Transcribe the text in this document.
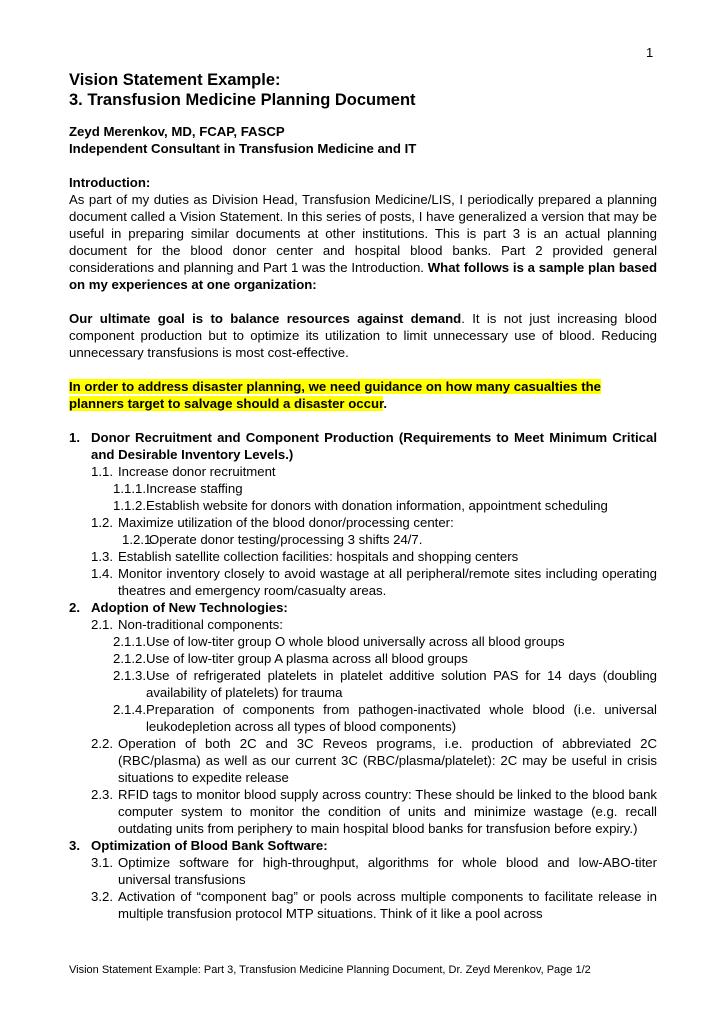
1
Vision Statement Example:
3. Transfusion Medicine Planning Document
Zeyd Merenkov, MD, FCAP, FASCP
Independent Consultant in Transfusion Medicine and IT
Introduction:

As part of my duties as Division Head, Transfusion Medicine/LIS, I periodically prepared a planning document called a Vision Statement. In this series of posts, I have generalized a version that may be useful in preparing similar documents at other institutions. This is part 3 is an actual planning document for the blood donor center and hospital blood banks. Part 2 provided general considerations and planning and Part 1 was the Introduction. What follows is a sample plan based on my experiences at one organization:

Our ultimate goal is to balance resources against demand. It is not just increasing blood component production but to optimize its utilization to limit unnecessary use of blood. Reducing unnecessary transfusions is most cost-effective.

In order to address disaster planning, we need guidance on how many casualties the planners target to salvage should a disaster occur.

1. Donor Recruitment and Component Production (Requirements to Meet Minimum Critical and Desirable Inventory Levels.)
1.1. Increase donor recruitment
1.1.1. Increase staffing
1.1.2. Establish website for donors with donation information, appointment scheduling
1.2. Maximize utilization of the blood donor/processing center:
1.2.1.
Operate donor testing/processing 3 shifts 24/7.
1.3. Establish satellite collection facilities: hospitals and shopping centers
1.4. Monitor inventory closely to avoid wastage at all peripheral/remote sites including operating theatres and emergency room/casualty areas.
2. Adoption of New Technologies:
2.1. Non-traditional components:
2.1.1. Use of low-titer group O whole blood universally across all blood groups
2.1.2. Use of low-titer group A plasma across all blood groups
2.1.3. Use of refrigerated platelets in platelet additive solution PAS for 14 days (doubling availability of platelets) for trauma
2.1.4. Preparation of components from pathogen-inactivated whole blood (i.e. universal leukodepletion across all types of blood components)
2.2. Operation of both 2C and 3C Reveos programs, i.e. production of abbreviated 2C (RBC/plasma) as well as our current 3C (RBC/plasma/platelet): 2C may be useful in crisis situations to expedite release
2.3. RFID tags to monitor blood supply across country: These should be linked to the blood bank computer system to monitor the condition of units and minimize wastage (e.g. recall outdating units from periphery to main hospital blood banks for transfusion before expiry.)
3. Optimization of Blood Bank Software:
3.1. Optimize software for high-throughput, algorithms for whole blood and low-ABO-titer universal transfusions
3.2. Activation of “component bag” or pools across multiple components to facilitate release in multiple transfusion protocol MTP situations. Think of it like a pool across
Vision Statement Example: Part 3, Transfusion Medicine Planning Document, Dr. Zeyd Merenkov, Page 1/2
